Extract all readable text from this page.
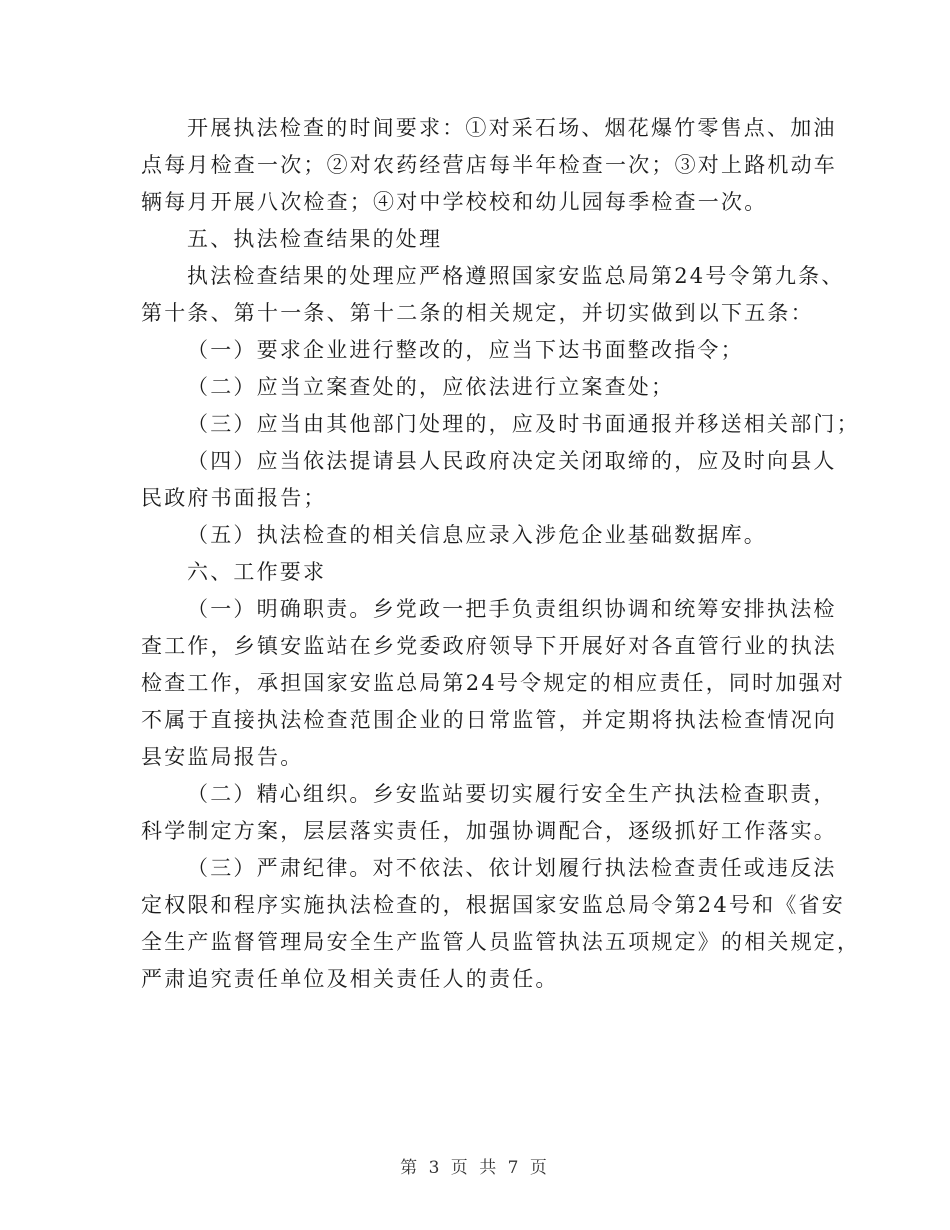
开展执法检查的时间要求：①对采石场、烟花爆竹零售点、加油
点每月检查一次；②对农药经营店每半年检查一次；③对上路机动车
辆每月开展八次检查；④对中学校校和幼儿园每季检查一次。

五、执法检查结果的处理

执法检查结果的处理应严格遵照国家安监总局第24号令第九条、
第十条、第十一条、第十二条的相关规定，并切实做到以下五条：

（一）要求企业进行整改的，应当下达书面整改指令；

（二）应当立案查处的，应依法进行立案查处；

（三）应当由其他部门处理的，应及时书面通报并移送相关部门；

（四）应当依法提请县人民政府决定关闭取缔的，应及时向县人
民政府书面报告；

（五）执法检查的相关信息应录入涉危企业基础数据库。

六、工作要求

（一）明确职责。乡党政一把手负责组织协调和统筹安排执法检
查工作，乡镇安监站在乡党委政府领导下开展好对各直管行业的执法
检查工作，承担国家安监总局第24号令规定的相应责任，同时加强对
不属于直接执法检查范围企业的日常监管，并定期将执法检查情况向
县安监局报告。

（二）精心组织。乡安监站要切实履行安全生产执法检查职责，
科学制定方案，层层落实责任，加强协调配合，逐级抓好工作落实。

（三）严肃纪律。对不依法、依计划履行执法检查责任或违反法
定权限和程序实施执法检查的，根据国家安监总局令第24号和《省安
全生产监督管理局安全生产监管人员监管执法五项规定》的相关规定，
严肃追究责任单位及相关责任人的责任。

第 3 页 共 7 页
